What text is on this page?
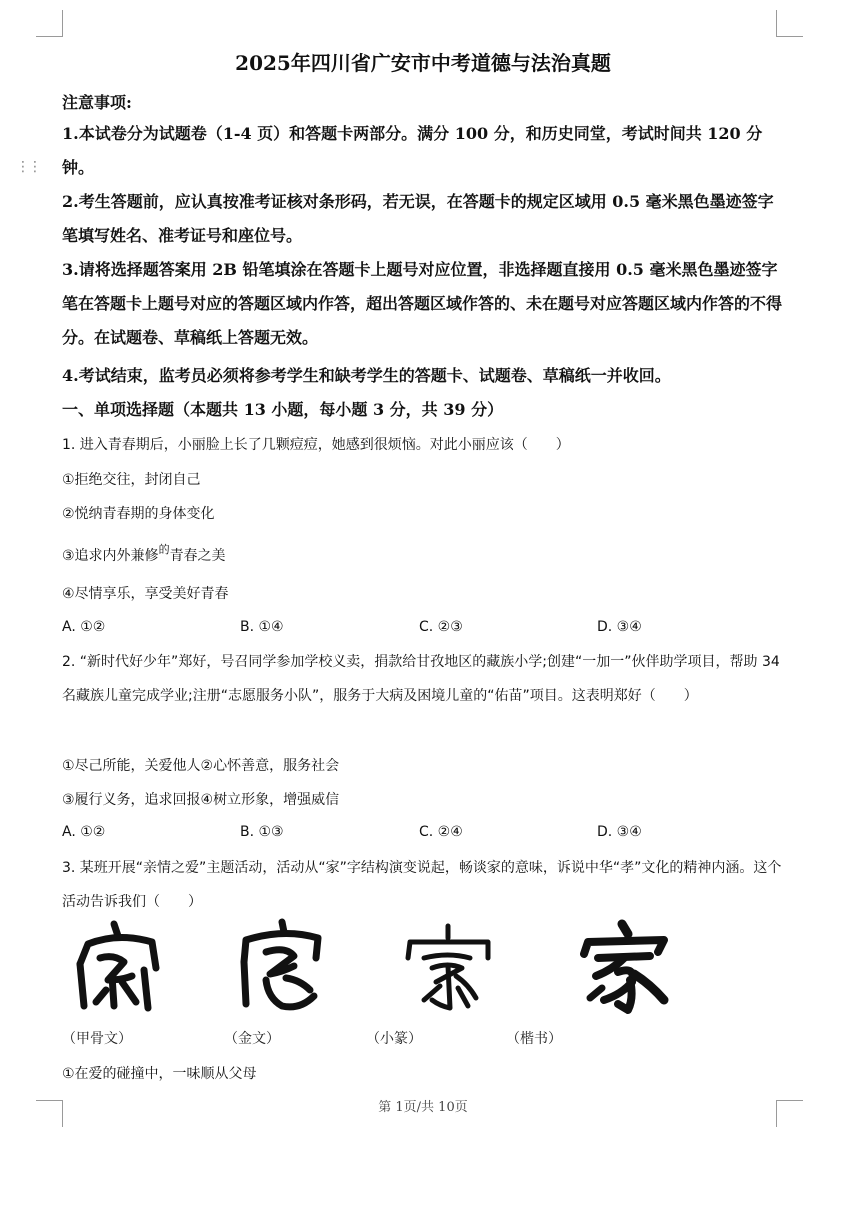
⋮⋮
2025年四川省广安市中考道德与法治真题
注意事项:
1.本试卷分为试题卷（1-4 页）和答题卡两部分。满分 100 分，和历史同堂，考试时间共 120 分钟。
2.考生答题前，应认真按准考证核对条形码，若无误，在答题卡的规定区域用 0.5 毫米黑色墨迹签字笔填写姓名、准考证号和座位号。
3.请将选择题答案用 2B 铅笔填涂在答题卡上题号对应位置，非选择题直接用 0.5 毫米黑色墨迹签字笔在答题卡上题号对应的答题区域内作答，超出答题区域作答的、未在题号对应答题区域内作答的不得分。在试题卷、草稿纸上答题无效。
4.考试结束，监考员必须将参考学生和缺考学生的答题卡、试题卷、草稿纸一并收回。
一、单项选择题（本题共 13 小题，每小题 3 分，共 39 分）
1. 进入青春期后，小丽脸上长了几颗痘痘，她感到很烦恼。对此小丽应该（　　）
①拒绝交往，封闭自己
②悦纳青春期的身体变化
③追求内外兼修$^的$青春之美
④尽情享乐，享受美好青春
A. ①②	B. ①④	C. ②③	D. ③④
2. “新时代好少年”郑好，号召同学参加学校义卖，捐款给甘孜地区的藏族小学;创建“一加一”伙伴助学项目，帮助 34 名藏族儿童完成学业;注册“志愿服务小队”，服务于大病及困境儿童的“佑苗”项目。这表明郑好（　　）
①尽己所能，关爱他人②心怀善意，服务社会
③履行义务，追求回报④树立形象，增强威信
A. ①②	B. ①③	C. ②④	D. ③④
3. 某班开展“亲情之爱”主题活动，活动从“家”字结构演变说起，畅谈家的意味，诉说中华“孝”文化的精神内涵。这个活动告诉我们（　　）
（甲骨文）	（金文）	（小篆）	（楷书）
①在爱的碰撞中，一味顺从父母
第 1页/共 10页
